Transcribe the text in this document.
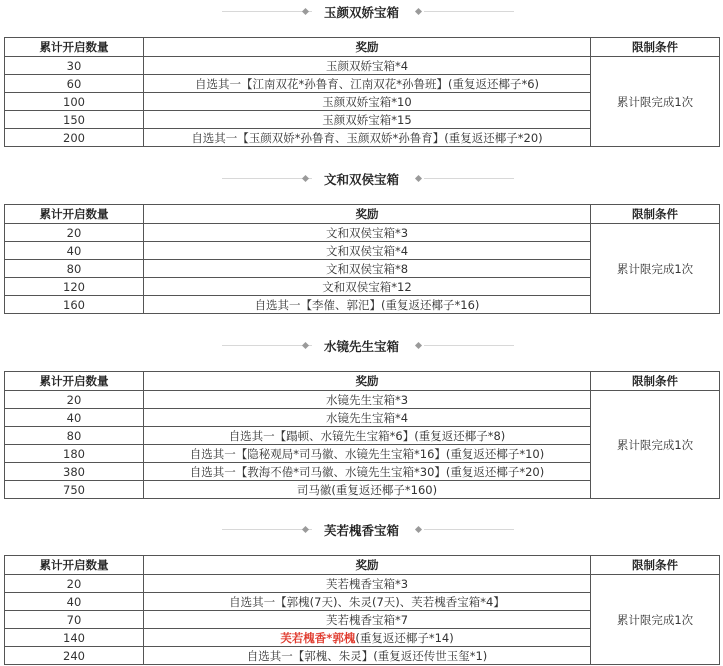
玉颜双娇宝箱
累计开启数量	奖励	限制条件
30	玉颜双娇宝箱*4	累计限完成1次
60	自选其一【江南双花*孙鲁育、江南双花*孙鲁班】(重复返还椰子*6)	
100	玉颜双娇宝箱*10	
150	玉颜双娇宝箱*15	
200	自选其一【玉颜双娇*孙鲁育、玉颜双娇*孙鲁育】(重复返还椰子*20)	
文和双侯宝箱
累计开启数量	奖励	限制条件
20	文和双侯宝箱*3	累计限完成1次
40	文和双侯宝箱*4	
80	文和双侯宝箱*8	
120	文和双侯宝箱*12	
160	自选其一【李傕、郭汜】(重复返还椰子*16)	
水镜先生宝箱
累计开启数量	奖励	限制条件
20	水镜先生宝箱*3	累计限完成1次
40	水镜先生宝箱*4	
80	自选其一【蹋顿、水镜先生宝箱*6】(重复返还椰子*8)	
180	自选其一【隐秘观局*司马徽、水镜先生宝箱*16】(重复返还椰子*10)	
380	自选其一【教海不倦*司马徽、水镜先生宝箱*30】(重复返还椰子*20)	
750	司马徽(重复返还椰子*160)	
芙若槐香宝箱
累计开启数量	奖励	限制条件
20	芙若槐香宝箱*3	累计限完成1次
40	自选其一【郭槐(7天)、朱灵(7天)、芙若槐香宝箱*4】	
70	芙若槐香宝箱*7	
140	芙若槐香*郭槐(重复返还椰子*14)	
240	自选其一【郭槐、朱灵】(重复返还传世玉玺*1)	
